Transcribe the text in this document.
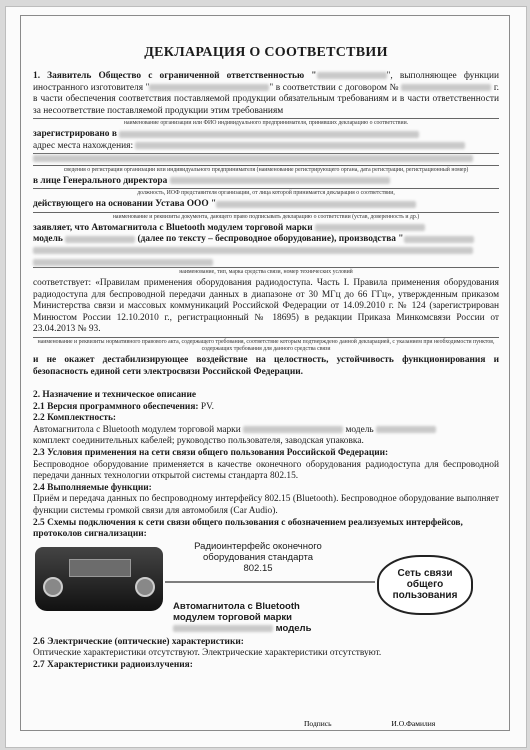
ДЕКЛАРАЦИЯ О СООТВЕТСТВИИ

1. Заявитель Общество с ограниченной ответственностью "	", выполняющее функции иностранного изготовителя "	" в соответствии с договором №	г. в части обеспечения соответствия поставляемой продукции обязательным требованиям и в части ответственности за несоответствие поставляемой продукции этим требованиям

наименование организации или ФИО индивидуального предпринимателя, принявших декларацию о соответствии.

зарегистрировано в

адрес места нахождения:

сведения о регистрации организации или индивидуального предпринимателя (наименование регистрирующего органа, дата регистрации, регистрационный номер)

в лице Генерального директора

должность, ИОФ представителя организации, от лица которой принимается декларация о соответствии,

действующего на основании Устава ООО "

наименование и реквизиты документа, дающего право подписывать декларацию о соответствии (устав, доверенность и др.)

заявляет, что Автомагнитола с Bluetooth модулем торговой марки

модель	(далее по тексту – беспроводное оборудование), производства "

наименование, тип, марка средства связи, номер технических условий

соответствует: «Правилам применения оборудования радиодоступа. Часть I. Правила применения оборудования радиодоступа для беспроводной передачи данных в диапазоне от 30 МГц до 66 ГГц», утвержденным приказом Министерства связи и массовых коммуникаций Российской Федерации от 14.09.2010 г. № 124 (зарегистрирован Минюстом России 12.10.2010 г., регистрационный № 18695) в редакции Приказа Минкомсвязи России от 23.04.2013 № 93.

наименование и реквизиты нормативного правового акта, содержащего требования, соответствие которым подтверждено данной декларацией, с указанием при необходимости пунктов, содержащих требования для данного средства связи

и не окажет дестабилизирующее воздействие на целостность, устойчивость функционирования и безопасность единой сети электросвязи Российской Федерации.

2. Назначение и техническое описание

2.1 Версия программного обеспечения: PV.

2.2 Комплектность:

Автомагнитола с Bluetooth модулем торговой марки	модель
комплект соединительных кабелей; руководство пользователя, заводская упаковка.

2.3 Условия применения на сети связи общего пользования Российской Федерации:

Беспроводное оборудование применяется в качестве оконечного оборудования радиодоступа для беспроводной передачи данных технологии открытой системы стандарта 802.15.

2.4 Выполняемые функции:

Приём и передача данных по беспроводному интерфейсу 802.15 (Bluetooth). Беспроводное оборудование выполняет функции системы громкой связи для автомобиля (Car Audio).

2.5 Схемы подключения к сети связи общего пользования с обозначением реализуемых интерфейсов, протоколов сигнализации:

Радиоинтерфейс оконечного оборудования стандарта 802.15
Автомагнитола с Bluetooth
модулем торговой марки
модель
Сеть связи общего пользования

2.6 Электрические (оптические) характеристики:

Оптические характеристики отсутствуют. Электрические характеристики отсутствуют.

2.7 Характеристики радиоизлучения:

Подпись	И.О.Фамилия
